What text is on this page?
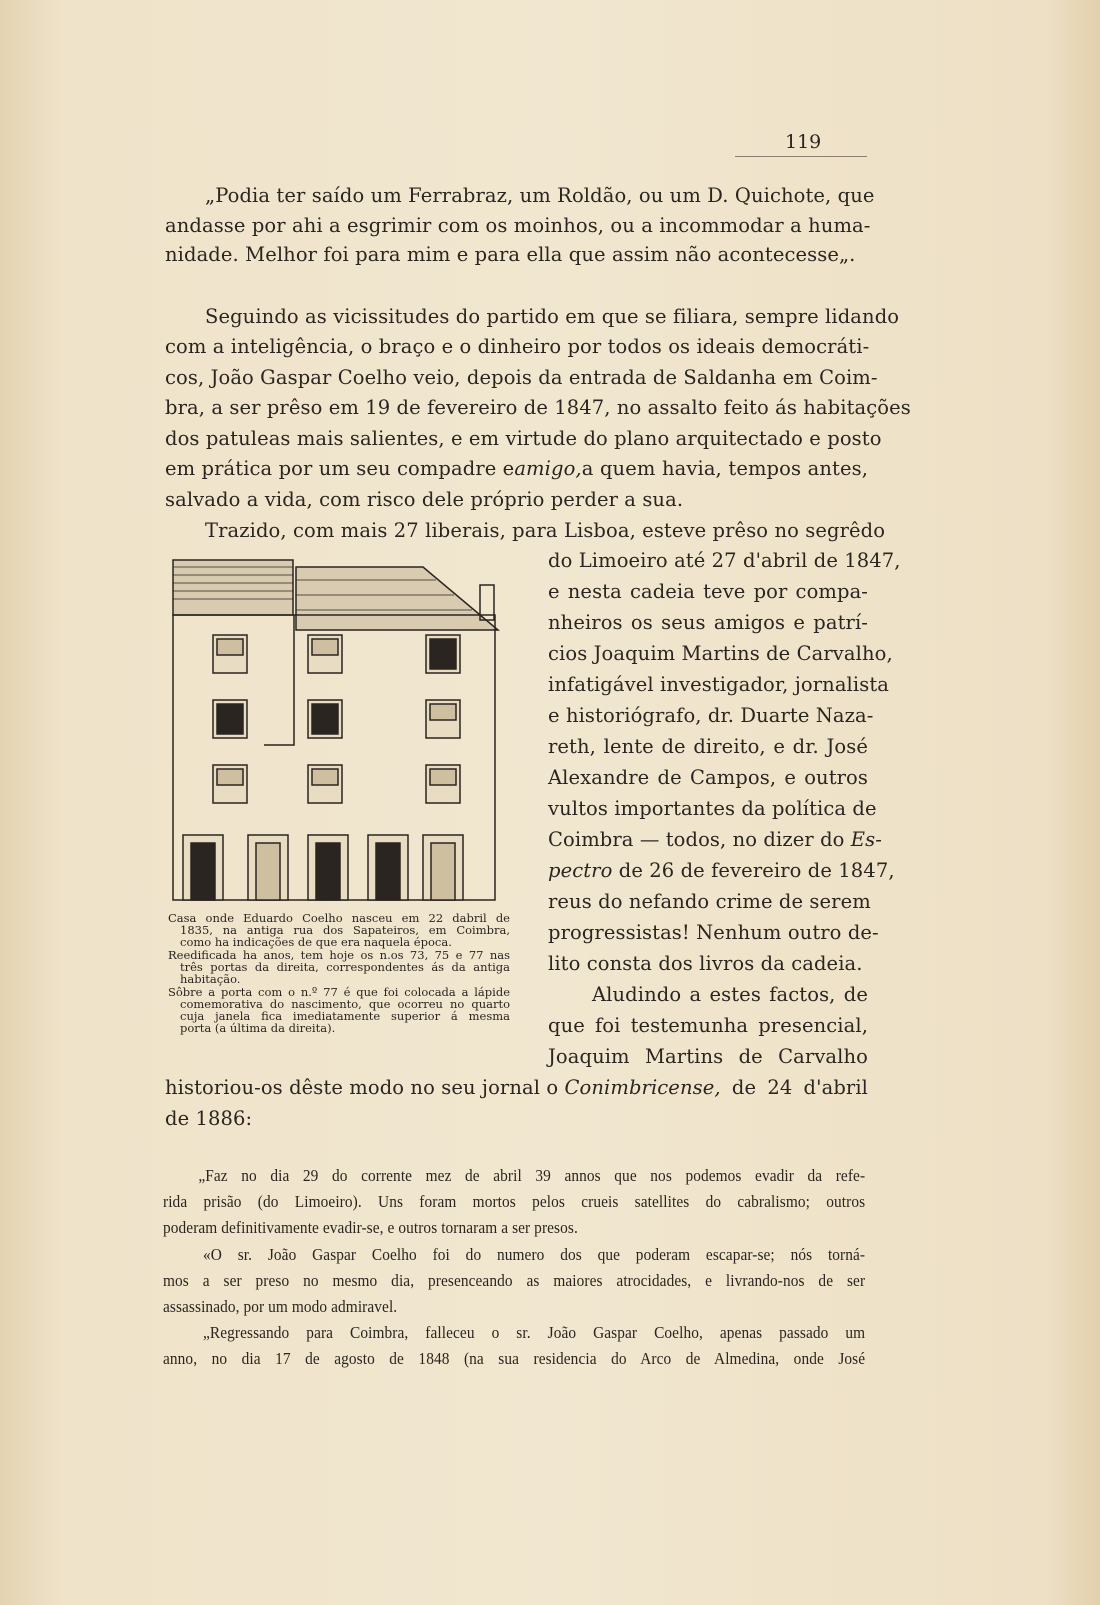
119
„Podia ter saído um Ferrabraz, um Roldão, ou um D. Quichote, que
andasse por ahi a esgrimir com os moinhos, ou a incommodar a huma-
nidade. Melhor foi para mim e para ella que assim não acontecesse„.
Seguindo as vicissitudes do partido em que se filiara, sempre lidando
com a inteligência, o braço e o dinheiro por todos os ideais democráti-
cos, João Gaspar Coelho veio, depois da entrada de Saldanha em Coim-
bra, a ser prêso em 19 de fevereiro de 1847, no assalto feito ás habitações
dos patuleas mais salientes, e em virtude do plano arquitectado e posto
em prática por um seu compadre e amigo, a quem havia, tempos antes,
salvado a vida, com risco dele próprio perder a sua.
Trazido, com mais 27 liberais, para Lisboa, esteve prêso no segrêdo
do Limoeiro até 27 d'abril de 1847,
e nesta cadeia teve por compa-
nheiros os seus amigos e patrí-
cios Joaquim Martins de Carvalho,
infatigável investigador, jornalista
e historiógrafo, dr. Duarte Naza-
reth, lente de direito, e dr. José
Alexandre de Campos, e outros
vultos importantes da política de
Coimbra — todos, no dizer do Es-
pectro de 26 de fevereiro de 1847,
reus do nefando crime de serem
progressistas! Nenhum outro de-
lito consta dos livros da cadeia.
Aludindo a estes factos, de
que foi testemunha presencial,
Joaquim Martins de Carvalho
historiou-os dêste modo no seu jornal o Conimbricense, de 24 d'abril
de 1886:
Casa onde Eduardo Coelho nasceu em 22 dabril de
1835, na antiga rua dos Sapateiros, em Coimbra,
como ha indicações de que era naquela época.
Reedificada ha anos, tem hoje os n.os 73, 75 e 77 nas
três portas da direita, correspondentes ás da antiga
habitação.
Sôbre a porta com o n.º 77 é que foi colocada a lápide
comemorativa do nascimento, que ocorreu no quarto
cuja janela fica imediatamente superior á mesma
porta (a última da direita).
„Faz no dia 29 do corrente mez de abril 39 annos que nos podemos evadir da refe-
rida prisão (do Limoeiro). Uns foram mortos pelos crueis satellites do cabralismo; outros
poderam definitivamente evadir-se, e outros tornaram a ser presos.
«O sr. João Gaspar Coelho foi do numero dos que poderam escapar-se; nós torná-
mos a ser preso no mesmo dia, presenceando as maiores atrocidades, e livrando-nos de ser
assassinado, por um modo admiravel.
„Regressando para Coimbra, falleceu o sr. João Gaspar Coelho, apenas passado um
anno, no dia 17 de agosto de 1848 (na sua residencia do Arco de Almedina, onde José
